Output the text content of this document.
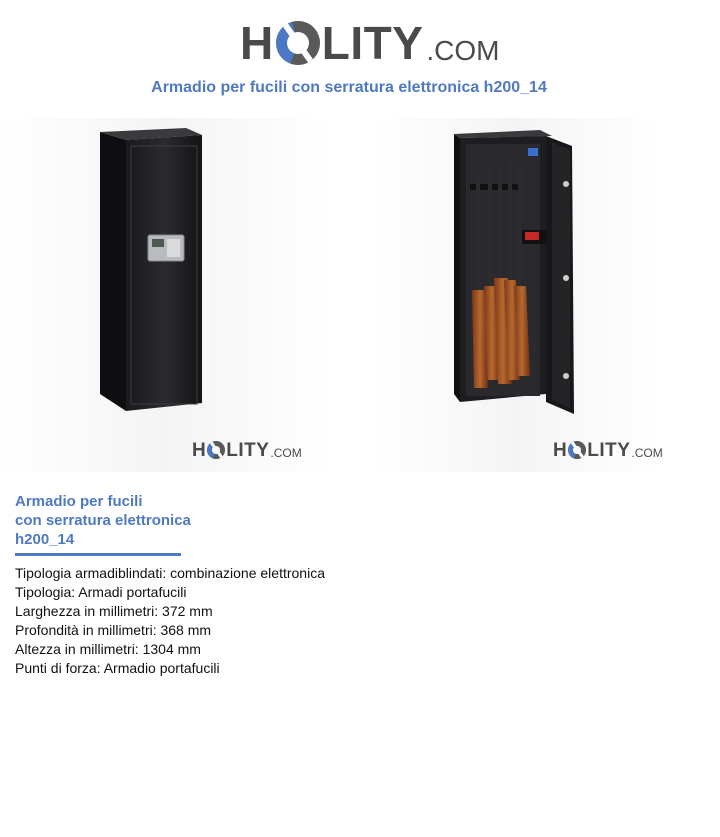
H LITY .COM
Armadio per fucili con serratura elettronica h200_14
H LITY .COM	H LITY .COM
Armadio per fucili
con serratura elettronica
h200_14
Tipologia armadiblindati: combinazione elettronica
Tipologia: Armadi portafucili
Larghezza in millimetri: 372 mm
Profondità in millimetri: 368 mm
Altezza in millimetri: 1304 mm
Punti di forza: Armadio portafucili
